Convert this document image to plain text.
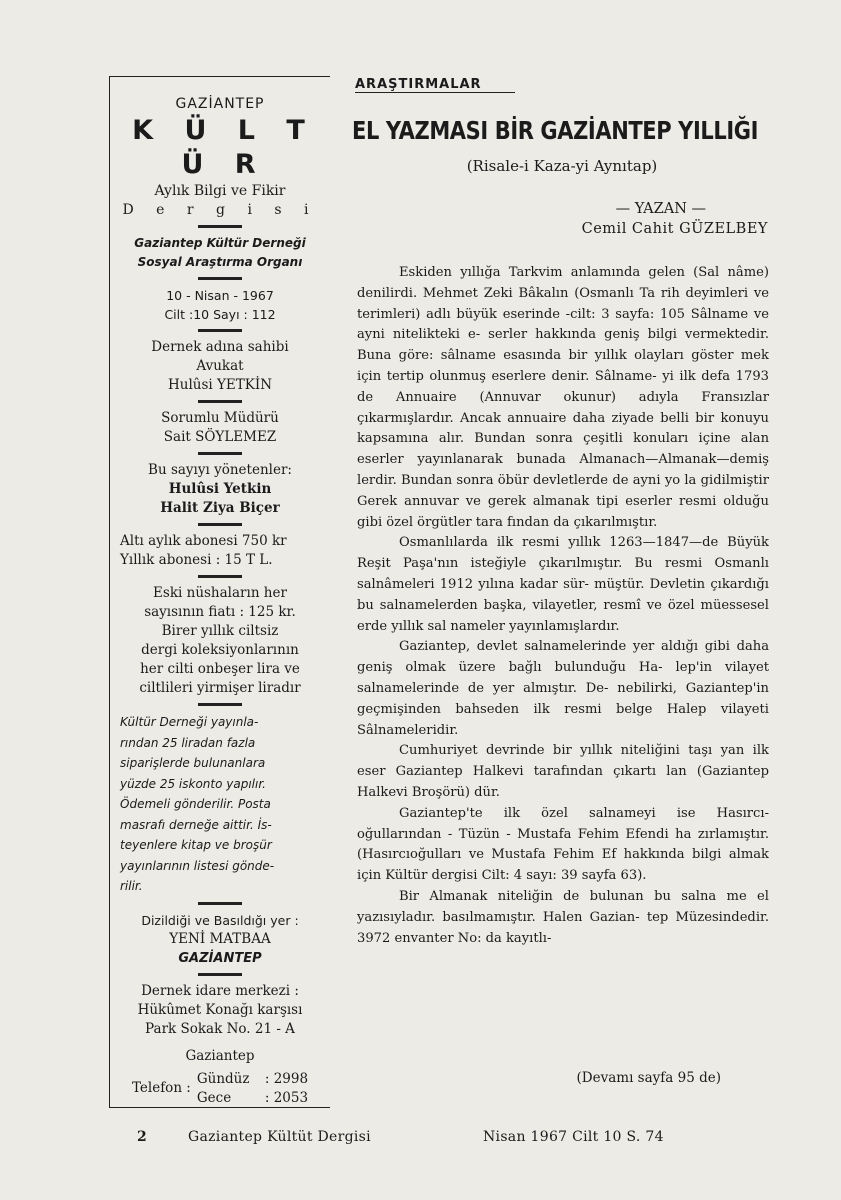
GAZİANTEP
K Ü L T Ü R
Aylık Bilgi ve Fikir
D e r g i s i
Gaziantep Kültür Derneği
Sosyal Araştırma Organı
10 - Nisan - 1967
Cilt :10 Sayı : 112
Dernek adına sahibi
Avukat
Hulûsi YETKİN
Sorumlu Müdürü
Sait SÖYLEMEZ
Bu sayıyı yönetenler:
Hulûsi Yetkin
Halit Ziya Biçer
Altı aylık abonesi 750 kr
Yıllık abonesi : 15 T L.
Eski nüshaların her
sayısının fiatı : 125 kr.
Birer yıllık ciltsiz
dergi koleksiyonlarının
her cilti onbeşer lira ve
ciltlileri yirmişer liradır
Kültür Derneği yayınla-
rından 25 liradan fazla
siparişlerde bulunanlara
yüzde 25 iskonto yapılır.
Ödemeli gönderilir. Posta
masrafı derneğe aittir. İs-
teyenlere kitap ve broşür
yayınlarının listesi gönde-
rilir.
Dizildiği ve Basıldığı yer :
YENİ MATBAA
GAZİANTEP
Dernek idare merkezi :
Hükûmet Konağı karşısı
Park Sokak No. 21 - A
Gaziantep
Telefon :
Gündüz	: 2998
Gece	: 2053
ARAŞTIRMALAR
EL YAZMASI BİR GAZİANTEP YILLIĞI
(Risale-i Kaza-yi Aynıtap)
— YAZAN —
Cemil Cahit GÜZELBEY

Eskiden yıllığa Tarkvim anlamında gelen (Sal nâme) denilirdi. Mehmet Zeki Bâkalın (Osmanlı Ta rih deyimleri ve terimleri) adlı büyük eserinde -cilt: 3 sayfa: 105 Sâlname ve ayni nitelikteki e- serler hakkında geniş bilgi vermektedir. Buna göre: sâlname esasında bir yıllık olayları göster mek için tertip olunmuş eserlere denir. Sâlname- yi ilk defa 1793 de Annuaire (Annuvar okunur) adıyla Fransızlar çıkarmışlardır. Ancak annuaire daha ziyade belli bir konuyu kapsamına alır. Bundan sonra çeşitli konuları içine alan eserler yayınlanarak bunada Almanach—Almanak—demiş lerdir. Bundan sonra öbür devletlerde de ayni yo la gidilmiştir Gerek annuvar ve gerek almanak tipi eserler resmi olduğu gibi özel örgütler tara fından da çıkarılmıştır.

Osmanlılarda ilk resmi yıllık 1263—1847—de Büyük Reşit Paşa'nın isteğiyle çıkarılmıştır. Bu resmi Osmanlı salnâmeleri 1912 yılına kadar sür- müştür. Devletin çıkardığı bu salnamelerden başka, vilayetler, resmî ve özel müessesel erde yıllık sal nameler yayınlamışlardır.

Gaziantep, devlet salnamelerinde yer aldığı gibi daha geniş olmak üzere bağlı bulunduğu Ha- lep'in vilayet salnamelerinde de yer almıştır. De- nebilirki, Gaziantep'in geçmişinden bahseden ilk resmi belge Halep vilayeti Sâlnameleridir.

Cumhuriyet devrinde bir yıllık niteliğini taşı yan ilk eser Gaziantep Halkevi tarafından çıkartı lan (Gaziantep Halkevi Broşörü) dür.

Gaziantep'te ilk özel salnameyi ise Hasırcı- oğullarından - Tüzün - Mustafa Fehim Efendi ha zırlamıştır. (Hasırcıoğulları ve Mustafa Fehim Ef hakkında bilgi almak için Kültür dergisi Cilt: 4 sayı: 39 sayfa 63).

Bir Almanak niteliğin de bulunan bu salna me el yazısıyladır. basılmamıştır. Halen Gazian- tep Müzesindedir. 3972 envanter No: da kayıtlı-

(Devamı sayfa 95 de)
2	Gaziantep Kültüt Dergisi	Nisan 1967 Cilt 10 S. 74
